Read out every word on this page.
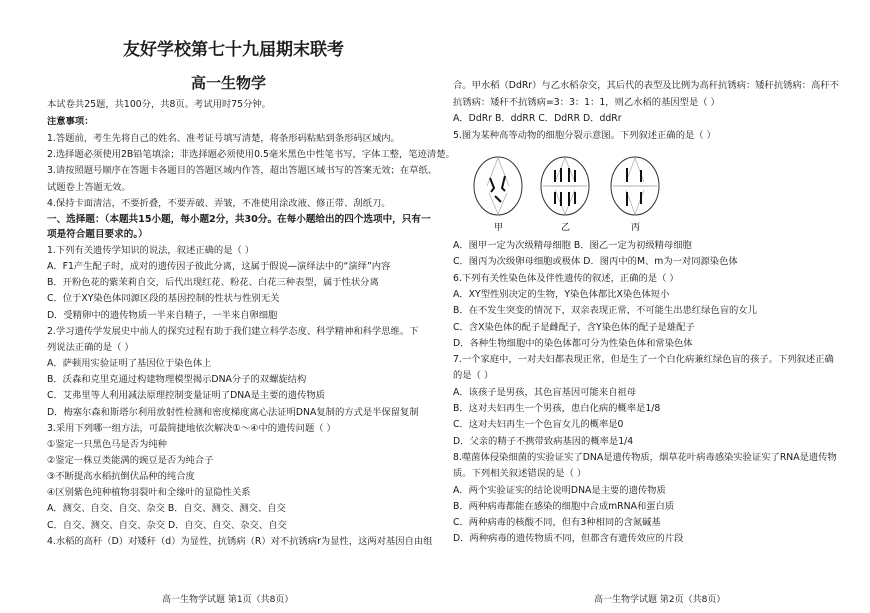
友好学校第七十九届期末联考
高一生物学
本试卷共25题，共100分，共8页。考试用时75分钟。
注意事项：
1.答题前，考生先将自己的姓名、准考证号填写清楚，将条形码粘贴到条形码区域内。
2.选择题必须使用2B铅笔填涂；非选择题必须使用0.5毫米黑色中性笔书写，字体工整，笔迹清楚。
3.请按照题号顺序在答题卡各题目的答题区域内作答，超出答题区域书写的答案无效；在草纸、
试题卷上答题无效。
4.保持卡面清洁，不要折叠，不要弄破、弄皱，不准使用涂改液、修正带、刮纸刀。
一、选择题：（本题共15小题，每小题2分，共30分。在每小题给出的四个选项中，只有一
项是符合题目要求的。）
1.下列有关遗传学知识的说法，叙述正确的是（ ）
A．F1产生配子时，成对的遗传因子彼此分离，这属于假说—演绎法中的“演绎”内容
B．开粉色花的紫茉莉自交，后代出现红花、粉花、白花三种表型，属于性状分离
C．位于XY染色体同源区段的基因控制的性状与性别无关
D．受精卵中的遗传物质一半来自精子，一半来自卵细胞
2.学习遗传学发展史中前人的探究过程有助于我们建立科学态度、科学精神和科学思维。下
列说法正确的是（ ）
A．萨顿用实验证明了基因位于染色体上
B．沃森和克里克通过构建物理模型揭示DNA分子的双螺旋结构
C．艾弗里等人利用减法原理控制变量证明了DNA是主要的遗传物质
D．梅塞尔森和斯塔尔利用放射性检测和密度梯度离心法证明DNA复制的方式是半保留复制
3.采用下列哪一组方法，可最简捷地依次解决①～④中的遗传问题（ ）
①鉴定一只黑色马是否为纯种
②鉴定一株豆类能满的豌豆是否为纯合子
③不断提高水稻抗倒伏品种的纯合度
④区别紫色纯种植物羽裂叶和全缘叶的显隐性关系
A．测交、自交、自交、杂交 B．自交、测交、测交、自交
C．自交、测交、自交、杂交 D．自交、自交、杂交、自交
4.水稻的高秆（D）对矮秆（d）为显性，抗锈病（R）对不抗锈病r为显性，这两对基因自由组
高一生物学试题 第1页（共8页）
合。甲水稻（DdRr）与乙水稻杂交，其后代的表型及比例为高秆抗锈病：矮秆抗锈病：高秆不
抗锈病：矮秆不抗锈病=3：3：1：1，则乙水稻的基因型是（ ）
A．DdRr B．ddRR C．DdRR D．ddRr
5.图为某种高等动物的细胞分裂示意图。下列叙述正确的是（ ）
甲	乙	丙
A．图甲一定为次级精母细胞 B．图乙一定为初级精母细胞
C．图丙为次级卵母细胞或极体 D．图丙中的M、m为一对同源染色体
6.下列有关性染色体及伴性遗传的叙述，正确的是（ ）
A．XY型性别决定的生物，Y染色体都比X染色体短小
B．在不发生突变的情况下，双亲表现正常，不可能生出患红绿色盲的女儿
C．含X染色体的配子是雌配子，含Y染色体的配子是雄配子
D．各种生物细胞中的染色体都可分为性染色体和常染色体
7.一个家庭中，一对夫妇都表现正常，但是生了一个白化病兼红绿色盲的孩子。下列叙述正确
的是（ ）
A．该孩子是男孩，其色盲基因可能来自祖母
B．这对夫妇再生一个男孩，患白化病的概率是1/8
C．这对夫妇再生一个色盲女儿的概率是0
D．父亲的精子不携带致病基因的概率是1/4
8.噬菌体侵染细菌的实验证实了DNA是遗传物质，烟草花叶病毒感染实验证实了RNA是遗传物
质。下列相关叙述错误的是（ ）
A．两个实验证实的结论说明DNA是主要的遗传物质
B．两种病毒都能在感染的细胞中合成mRNA和蛋白质
C．两种病毒的核酸不同，但有3种相同的含氮碱基
D．两种病毒的遗传物质不同，但都含有遗传效应的片段
高一生物学试题 第2页（共8页）
